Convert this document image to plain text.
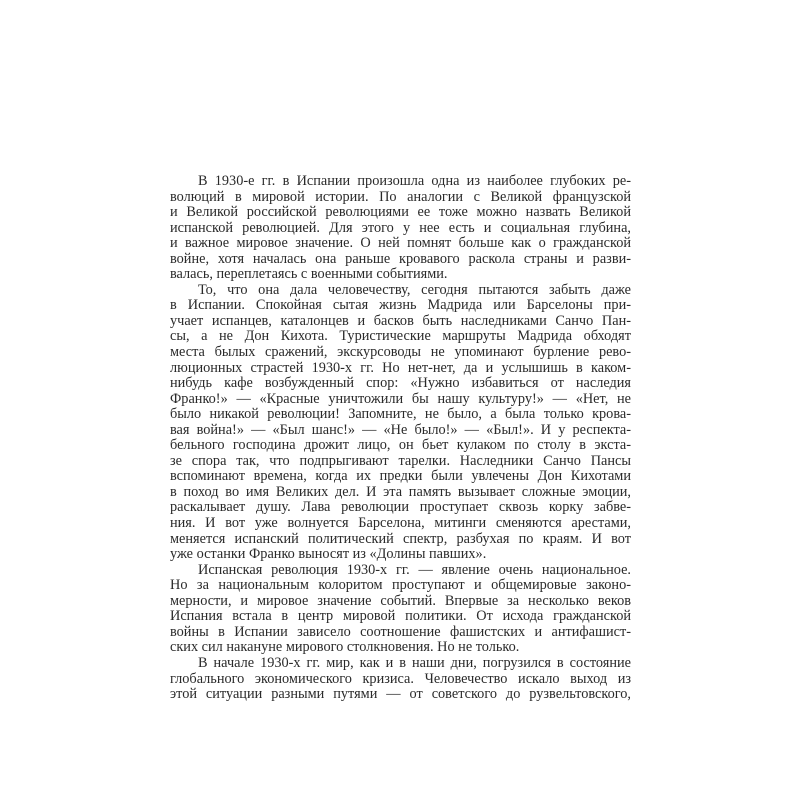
В 1930-е гг. в Испании произошла одна из наиболее глубоких ре-
волюций в мировой истории. По аналогии с Великой французской
и Великой российской революциями ее тоже можно назвать Великой
испанской революцией. Для этого у нее есть и социальная глубина,
и важное мировое значение. О ней помнят больше как о гражданской
войне, хотя началась она раньше кровавого раскола страны и разви-
валась, переплетаясь с военными событиями.
То, что она дала человечеству, сегодня пытаются забыть даже
в Испании. Спокойная сытая жизнь Мадрида или Барселоны при-
учает испанцев, каталонцев и басков быть наследниками Санчо Пан-
сы, а не Дон Кихота. Туристические маршруты Мадрида обходят
места былых сражений, экскурсоводы не упоминают бурление рево-
люционных страстей 1930-х гг. Но нет-нет, да и услышишь в каком-
нибудь кафе возбужденный спор: «Нужно избавиться от наследия
Франко!» — «Красные уничтожили бы нашу культуру!» — «Нет, не
было никакой революции! Запомните, не было, а была только крова-
вая война!» — «Был шанс!» — «Не было!» — «Был!». И у респекта-
бельного господина дрожит лицо, он бьет кулаком по столу в экста-
зе спора так, что подпрыгивают тарелки. Наследники Санчо Пансы
вспоминают времена, когда их предки были увлечены Дон Кихотами
в поход во имя Великих дел. И эта память вызывает сложные эмоции,
раскалывает душу. Лава революции проступает сквозь корку забве-
ния. И вот уже волнуется Барселона, митинги сменяются арестами,
меняется испанский политический спектр, разбухая по краям. И вот
уже останки Франко выносят из «Долины павших».
Испанская революция 1930-х гг. — явление очень национальное.
Но за национальным колоритом проступают и общемировые законо-
мерности, и мировое значение событий. Впервые за несколько веков
Испания встала в центр мировой политики. От исхода гражданской
войны в Испании зависело соотношение фашистских и антифашист-
ских сил накануне мирового столкновения. Но не только.
В начале 1930-х гг. мир, как и в наши дни, погрузился в состояние
глобального экономического кризиса. Человечество искало выход из
этой ситуации разными путями — от советского до рузвельтовского,
